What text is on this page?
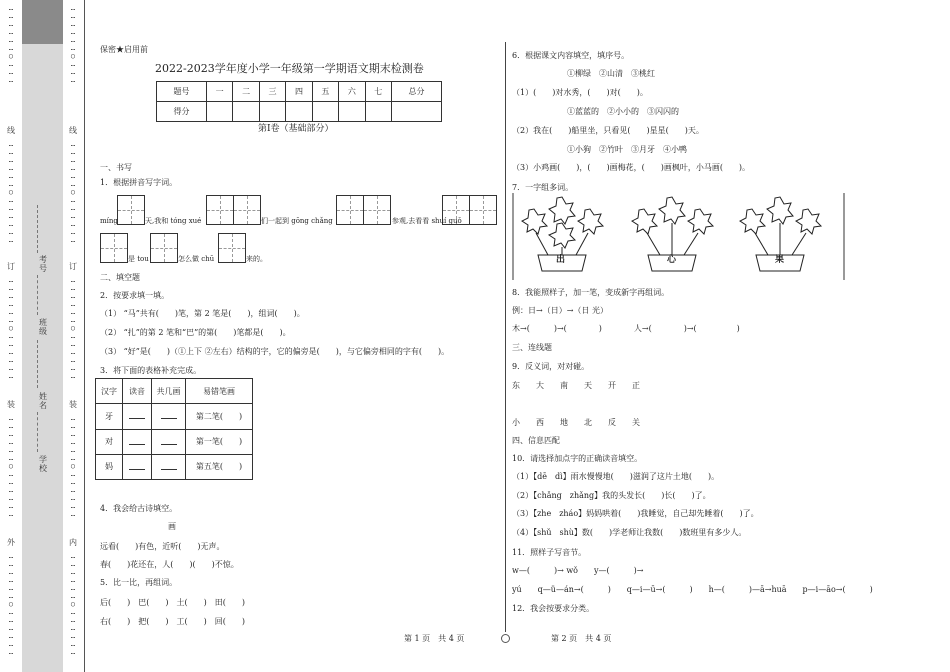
…
…
…
…
…
…
○
…
…
…
线
…
…
…
…
…
…
○
…
…
…
…
…
…
订
…
…
…
…
…
…
○
…
…
…
…
…
…
装
…
…
…
…
…
…
○
…
…
…
…
…
…
外
…
…
…
…
…
…
○
…
…
…
…
…
…
…
…
…
…
…
…
○
…
…
…
线
…
…
…
…
…
…
○
…
…
…
…
…
…
订
…
…
…
…
…
…
○
…
…
…
…
…
…
装
…
…
…
…
…
…
○
…
…
…
…
…
…
内
…
…
…
…
…
…
○
…
…
…
…
…
…
考号
班级
姓名
学校
保密★启用前
2022-2023学年度小学一年级第一学期语文期末检测卷
题号	一	二	三	四	五	六	七	总分
得分								
第Ⅰ卷（基础部分）
一、书写
1．根据拼音写字词。
míng	天,我和 tóng xué	们一起到 gōng chǎng	参观,去看看 shuí guǒ
是 tou	怎么做 chū	来的。
二、填空题
2．按要求填一填。
（1） “马”共有(　　)笔，第 2 笔是(　　)，组词(　　)。
（2） “扎”的第 2 笔和“巴”的第(　　)笔都是(　　)。
（3） “好”是(　　)（①上下 ②左右）结构的字，它的偏旁是(　　)，与它偏旁相同的字有(　　)。
3．将下面的表格补充完成。
汉字	读音	共几画	易错笔画
牙			第二笔(　　)
对			第一笔(　　)
妈			第五笔(　　)
4．我会给古诗填空。
画
远看(　　)有色，近听(　　)无声。
春(　　)花还在，人(　　)(　　)不惊。
5．比一比，再组词。
后(　　)　巴(　　)　土(　　)　田(　　)
右(　　)　把(　　)　工(　　)　回(　　)
6．根据课文内容填空，填序号。
①柳绿　②山清　③桃红
（1）(　　)对水秀，(　　)对(　　)。
①蓝蓝的　②小小的　③闪闪的
（2）我在(　　)船里坐，只看见(　　)星星(　　)天。
①小狗　②竹叶　③月牙　④小鸭
（3）小鸡画(　　)，(　　)画梅花，(　　)画枫叶，小马画(　　)。
7．一字组多词。
出	心	果
8．我能照样子，加一笔，变成新字再组词。
例：日→（日）→（日 光）
木→(　　　)→(　　　　)　　　　人→(　　　　)→(　　　　　)
三、连线题
9．反义词，对对碰。
东　　大　　南　　天　　开　　正
小　　西　　地　　北　　反　　关
四、信息匹配
10．请选择加点字的正确读音填空。
（1）【dē　dì】雨水慢慢地(　　)滋润了这片土地(　　)。
（2）【chǎng　zhǎng】我的头发长(　　)长(　　)了。
（3）【zhe　zháo】妈妈哄着(　　)我睡觉，自己却先睡着(　　)了。
（4）【shǔ　shù】数(　　)学老师让我数(　　)数班里有多少人。
11．照样子写音节。
w—(　　　)→ wǒ　　y—(　　　)→
yú　　q—ü—án→(　　　)　　q—i—ū→(　　　)　　h—(　　　)—ā→huā　　p—i—āo→(　　　)
12．我会按要求分类。
第 1 页　共 4 页	第 2 页　共 4 页
